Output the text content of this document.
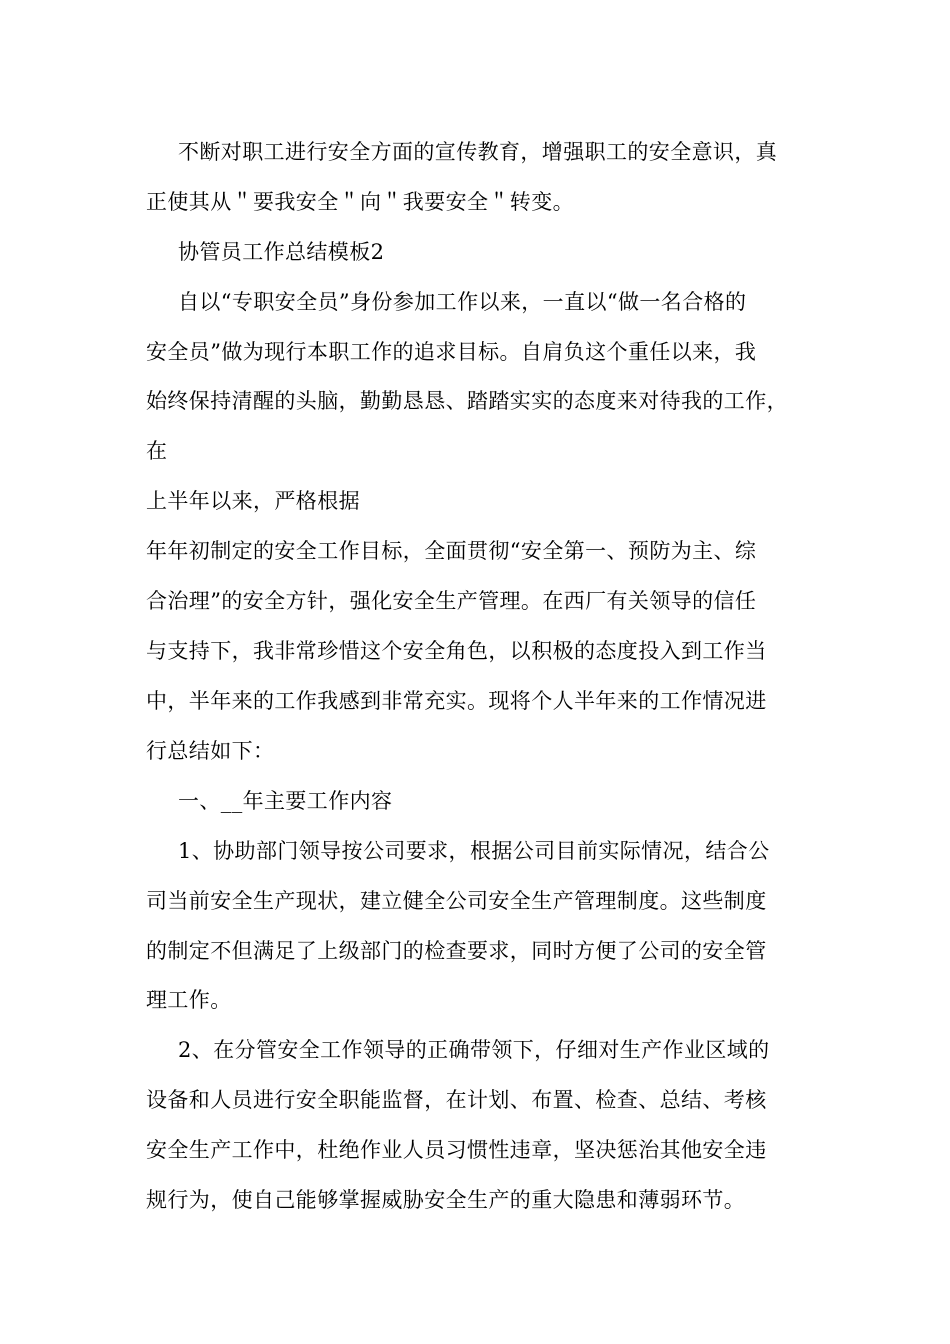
不断对职工进行安全方面的宣传教育，增强职工的安全意识，真
正使其从＂要我安全＂向＂我要安全＂转变。
协管员工作总结模板2
自以“专职安全员”身份参加工作以来，一直以“做一名合格的
安全员”做为现行本职工作的追求目标。自肩负这个重任以来，我
始终保持清醒的头脑，勤勤恳恳、踏踏实实的态度来对待我的工作，
在
上半年以来，严格根据
年年初制定的安全工作目标，全面贯彻“安全第一、预防为主、综
合治理”的安全方针，强化安全生产管理。在西厂有关领导的信任
与支持下，我非常珍惜这个安全角色，以积极的态度投入到工作当
中，半年来的工作我感到非常充实。现将个人半年来的工作情况进
行总结如下：
一、__年主要工作内容
1、协助部门领导按公司要求，根据公司目前实际情况，结合公
司当前安全生产现状，建立健全公司安全生产管理制度。这些制度
的制定不但满足了上级部门的检查要求，同时方便了公司的安全管
理工作。
2、在分管安全工作领导的正确带领下，仔细对生产作业区域的
设备和人员进行安全职能监督，在计划、布置、检查、总结、考核
安全生产工作中，杜绝作业人员习惯性违章，坚决惩治其他安全违
规行为，使自己能够掌握威胁安全生产的重大隐患和薄弱环节。
